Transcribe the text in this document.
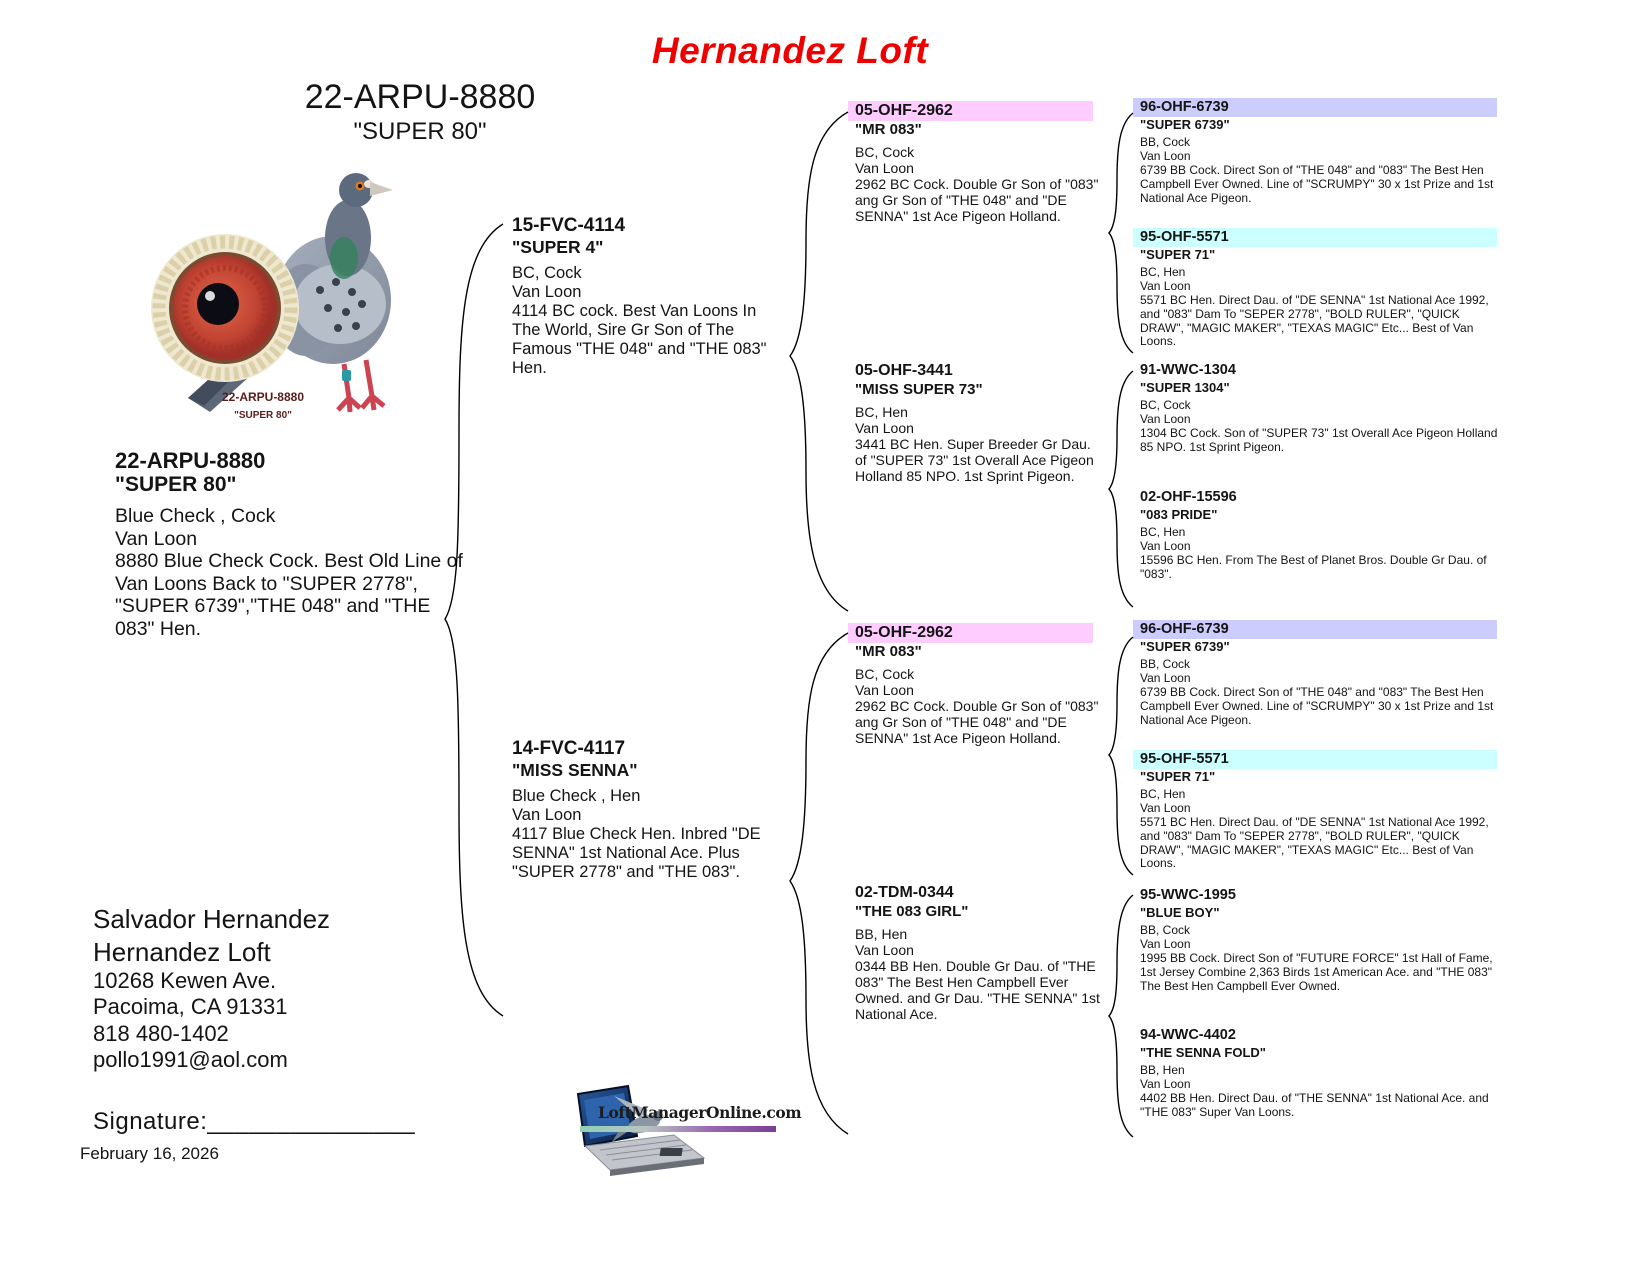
Hernandez Loft
22-ARPU-8880
"SUPER 80"
22-ARPU-8880
"SUPER 80"
22-ARPU-8880
"SUPER 80"
Blue Check , Cock
Van Loon
8880 Blue Check Cock. Best Old Line of Van Loons Back to "SUPER 2778", "SUPER 6739","THE 048" and "THE 083" Hen.
15-FVC-4114
"SUPER 4"
BC, Cock
Van Loon
4114 BC cock. Best Van Loons In The World, Sire Gr Son of The Famous "THE 048" and "THE 083" Hen.
14-FVC-4117
"MISS SENNA"
Blue Check , Hen
Van Loon
4117 Blue Check Hen. Inbred "DE SENNA" 1st National Ace. Plus "SUPER 2778" and "THE 083".
05-OHF-2962
"MR 083"
BC, Cock
Van Loon
2962 BC Cock. Double Gr Son of "083" ang Gr Son of "THE 048" and "DE SENNA" 1st Ace Pigeon Holland.
05-OHF-3441
"MISS SUPER 73"
BC, Hen
Van Loon
3441 BC Hen. Super Breeder Gr Dau. of "SUPER 73" 1st Overall Ace Pigeon Holland 85 NPO. 1st Sprint Pigeon.
05-OHF-2962
"MR 083"
BC, Cock
Van Loon
2962 BC Cock. Double Gr Son of "083" ang Gr Son of "THE 048" and "DE SENNA" 1st Ace Pigeon Holland.
02-TDM-0344
"THE 083 GIRL"
BB, Hen
Van Loon
0344 BB Hen. Double Gr Dau. of "THE 083" The Best Hen Campbell Ever Owned. and Gr Dau. "THE SENNA" 1st National Ace.
96-OHF-6739
"SUPER 6739"
BB, Cock
Van Loon
6739 BB Cock. Direct Son of "THE 048" and "083" The Best Hen Campbell Ever Owned. Line of "SCRUMPY" 30 x 1st Prize and 1st National Ace Pigeon.
95-OHF-5571
"SUPER 71"
BC, Hen
Van Loon
5571 BC Hen. Direct Dau. of "DE SENNA" 1st National Ace 1992, and "083" Dam To "SEPER 2778", "BOLD RULER", "QUICK DRAW", "MAGIC MAKER", "TEXAS MAGIC" Etc... Best of Van Loons.
91-WWC-1304
"SUPER 1304"
BC, Cock
Van Loon
1304 BC Cock. Son of "SUPER 73" 1st Overall Ace Pigeon Holland 85 NPO. 1st Sprint Pigeon.
02-OHF-15596
"083 PRIDE"
BC, Hen
Van Loon
15596 BC Hen. From The Best of Planet Bros. Double Gr Dau. of "083".
96-OHF-6739
"SUPER 6739"
BB, Cock
Van Loon
6739 BB Cock. Direct Son of "THE 048" and "083" The Best Hen Campbell Ever Owned. Line of "SCRUMPY" 30 x 1st Prize and 1st National Ace Pigeon.
95-OHF-5571
"SUPER 71"
BC, Hen
Van Loon
5571 BC Hen. Direct Dau. of "DE SENNA" 1st National Ace 1992, and "083" Dam To "SEPER 2778", "BOLD RULER", "QUICK DRAW", "MAGIC MAKER", "TEXAS MAGIC" Etc... Best of Van Loons.
95-WWC-1995
"BLUE BOY"
BB, Cock
Van Loon
1995 BB Cock. Direct Son of "FUTURE FORCE" 1st Hall of Fame, 1st Jersey Combine 2,363 Birds 1st American Ace. and "THE 083" The Best Hen Campbell Ever Owned.
94-WWC-4402
"THE SENNA FOLD"
BB, Hen
Van Loon
4402 BB Hen. Direct Dau. of "THE SENNA" 1st National Ace. and "THE 083" Super Van Loons.
Salvador Hernandez
Hernandez Loft
10268 Kewen Ave.
Pacoima, CA 91331
818 480-1402
pollo1991@aol.com
Signature:_______________
February 16, 2026
LoftManagerOnline.com
